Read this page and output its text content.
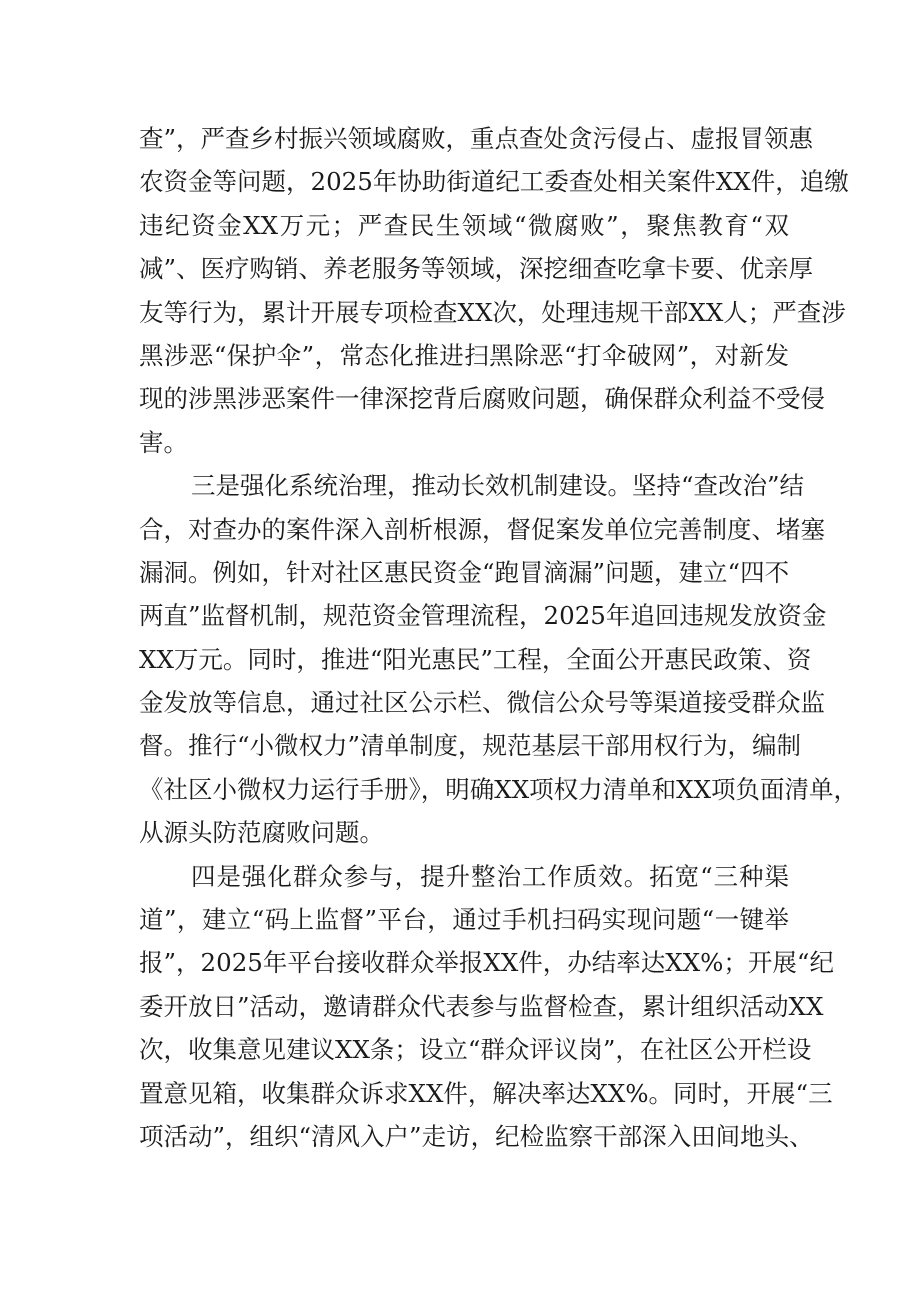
查”，严查乡村振兴领域腐败，重点查处贪污侵占、虚报冒领惠
农资金等问题，2025年协助街道纪工委查处相关案件XX件，追缴
违纪资金XX万元；严查民生领域“微腐败”，聚焦教育“双
减”、医疗购销、养老服务等领域，深挖细查吃拿卡要、优亲厚
友等行为，累计开展专项检查XX次，处理违规干部XX人；严查涉
黑涉恶“保护伞”，常态化推进扫黑除恶“打伞破网”，对新发
现的涉黑涉恶案件一律深挖背后腐败问题，确保群众利益不受侵
害。
三是强化系统治理，推动长效机制建设。坚持“查改治”结
合，对查办的案件深入剖析根源，督促案发单位完善制度、堵塞
漏洞。例如，针对社区惠民资金“跑冒滴漏”问题，建立“四不
两直”监督机制，规范资金管理流程，2025年追回违规发放资金
XX万元。同时，推进“阳光惠民”工程，全面公开惠民政策、资
金发放等信息，通过社区公示栏、微信公众号等渠道接受群众监
督。推行“小微权力”清单制度，规范基层干部用权行为，编制
《社区小微权力运行手册》，明确XX项权力清单和XX项负面清单，
从源头防范腐败问题。
四是强化群众参与，提升整治工作质效。拓宽“三种渠
道”，建立“码上监督”平台，通过手机扫码实现问题“一键举
报”，2025年平台接收群众举报XX件，办结率达XX%；开展“纪
委开放日”活动，邀请群众代表参与监督检查，累计组织活动XX
次，收集意见建议XX条；设立“群众评议岗”，在社区公开栏设
置意见箱，收集群众诉求XX件，解决率达XX%。同时，开展“三
项活动”，组织“清风入户”走访，纪检监察干部深入田间地头、
